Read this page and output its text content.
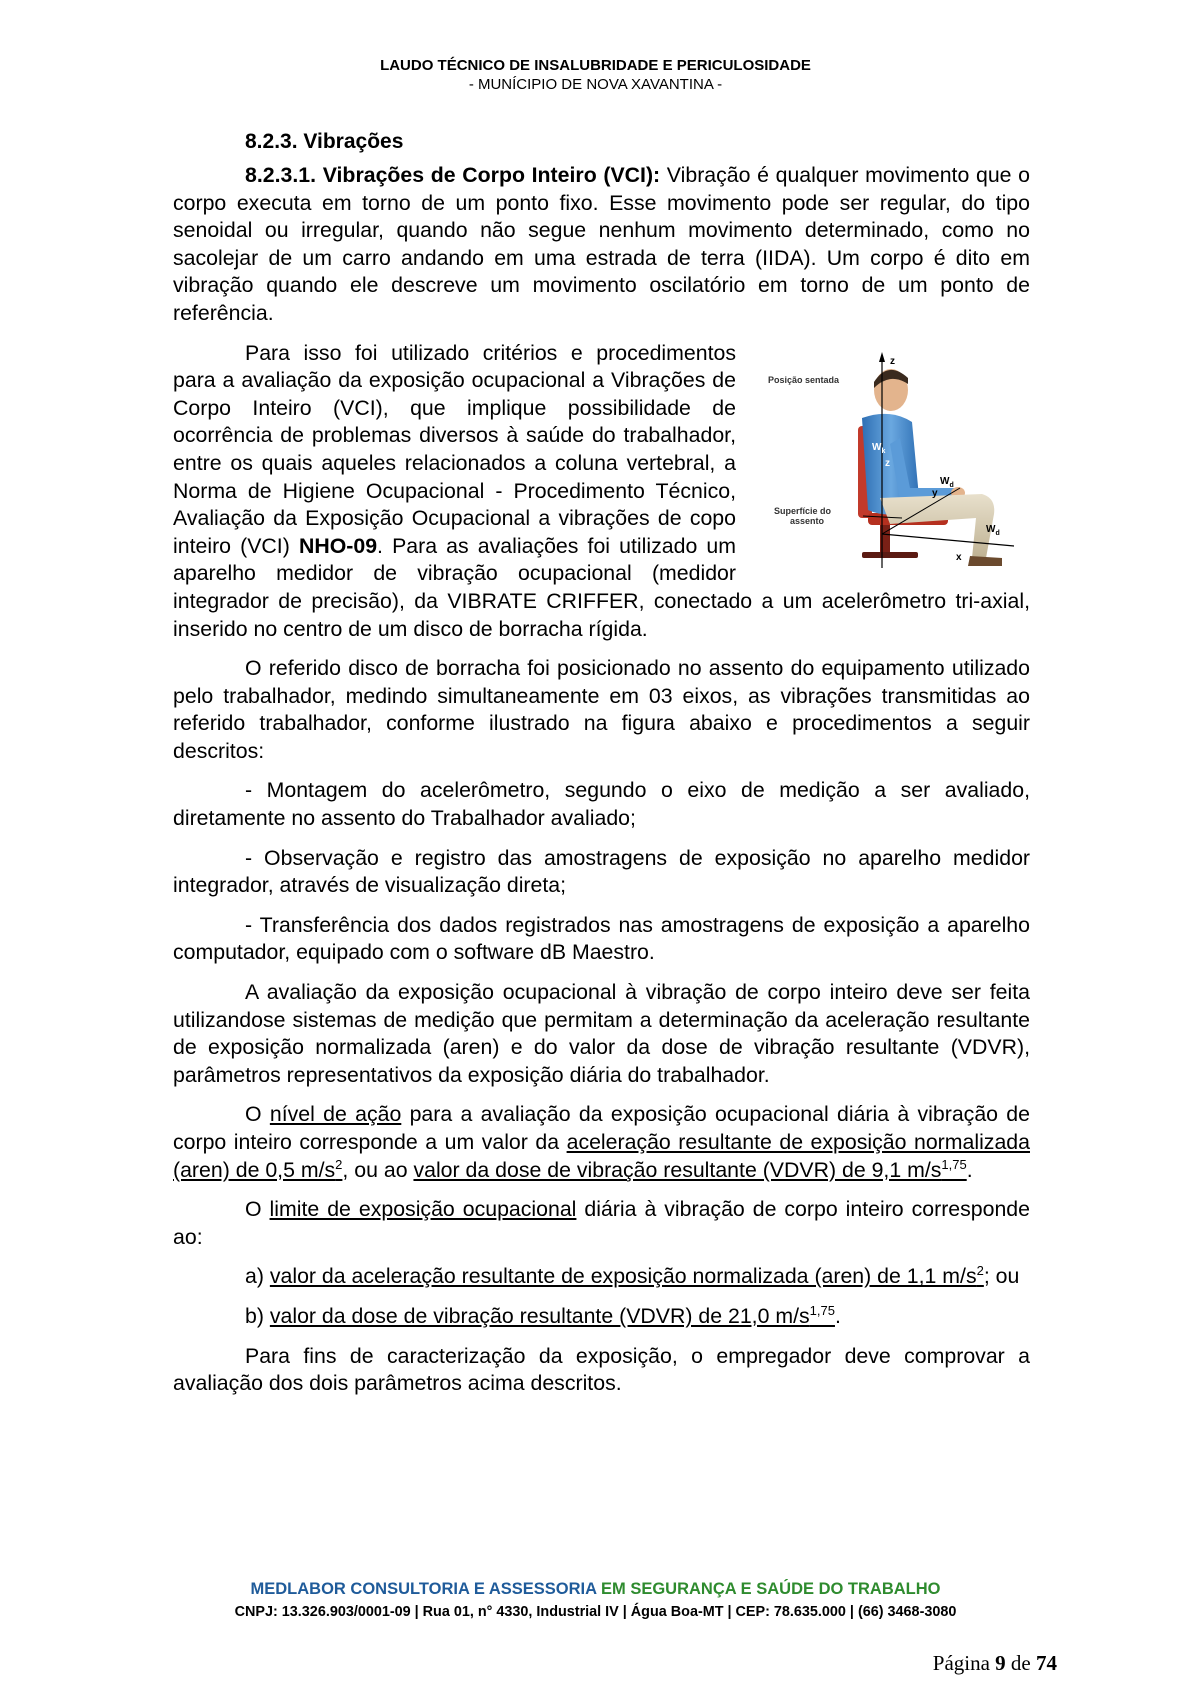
LAUDO TÉCNICO DE INSALUBRIDADE E PERICULOSIDADE
- MUNÍCIPIO DE NOVA XAVANTINA -
8.2.3. Vibrações

8.2.3.1. Vibrações de Corpo Inteiro (VCI): Vibração é qualquer movimento que o corpo executa em torno de um ponto fixo. Esse movimento pode ser regular, do tipo senoidal ou irregular, quando não segue nenhum movimento determinado, como no sacolejar de um carro andando em uma estrada de terra (IIDA). Um corpo é dito em vibração quando ele descreve um movimento oscilatório em torno de um ponto de referência.

Posição sentada
z
$W_k$
z
$W_d$
y
Superfície do
assento
$W_d$
x
Para isso foi utilizado critérios e procedimentos para a avaliação da exposição ocupacional a Vibrações de Corpo Inteiro (VCI), que implique possibilidade de ocorrência de problemas diversos à saúde do trabalhador, entre os quais aqueles relacionados a coluna vertebral, a Norma de Higiene Ocupacional - Procedimento Técnico, Avaliação da Exposição Ocupacional a vibrações de copo inteiro (VCI) NHO-09. Para as avaliações foi utilizado um aparelho medidor de vibração ocupacional (medidor integrador de precisão), da VIBRATE CRIFFER, conectado a um acelerômetro tri-axial, inserido no centro de um disco de borracha rígida.

O referido disco de borracha foi posicionado no assento do equipamento utilizado pelo trabalhador, medindo simultaneamente em 03 eixos, as vibrações transmitidas ao referido trabalhador, conforme ilustrado na figura abaixo e procedimentos a seguir descritos:

- Montagem do acelerômetro, segundo o eixo de medição a ser avaliado, diretamente no assento do Trabalhador avaliado;

- Observação e registro das amostragens de exposição no aparelho medidor integrador, através de visualização direta;

- Transferência dos dados registrados nas amostragens de exposição a aparelho computador, equipado com o software dB Maestro.

A avaliação da exposição ocupacional à vibração de corpo inteiro deve ser feita utilizandose sistemas de medição que permitam a determinação da aceleração resultante de exposição normalizada (aren) e do valor da dose de vibração resultante (VDVR), parâmetros representativos da exposição diária do trabalhador.

O nível de ação para a avaliação da exposição ocupacional diária à vibração de corpo inteiro corresponde a um valor da aceleração resultante de exposição normalizada (aren) de 0,5 $m/s^2$, ou ao valor da dose de vibração resultante (VDVR) de 9,1 $m/s^{1,75}$.

O limite de exposição ocupacional diária à vibração de corpo inteiro corresponde ao:

a) valor da aceleração resultante de exposição normalizada (aren) de 1,1 $m/s^2$; ou

b) valor da dose de vibração resultante (VDVR) de 21,0 $m/s^{1,75}$.

Para fins de caracterização da exposição, o empregador deve comprovar a avaliação dos dois parâmetros acima descritos.

MEDLABOR CONSULTORIA E ASSESSORIA EM SEGURANÇA E SAÚDE DO TRABALHO
CNPJ: 13.326.903/0001-09 | Rua 01, n° 4330, Industrial IV | Água Boa-MT | CEP: 78.635.000 | (66) 3468-3080
Página 9 de 74
